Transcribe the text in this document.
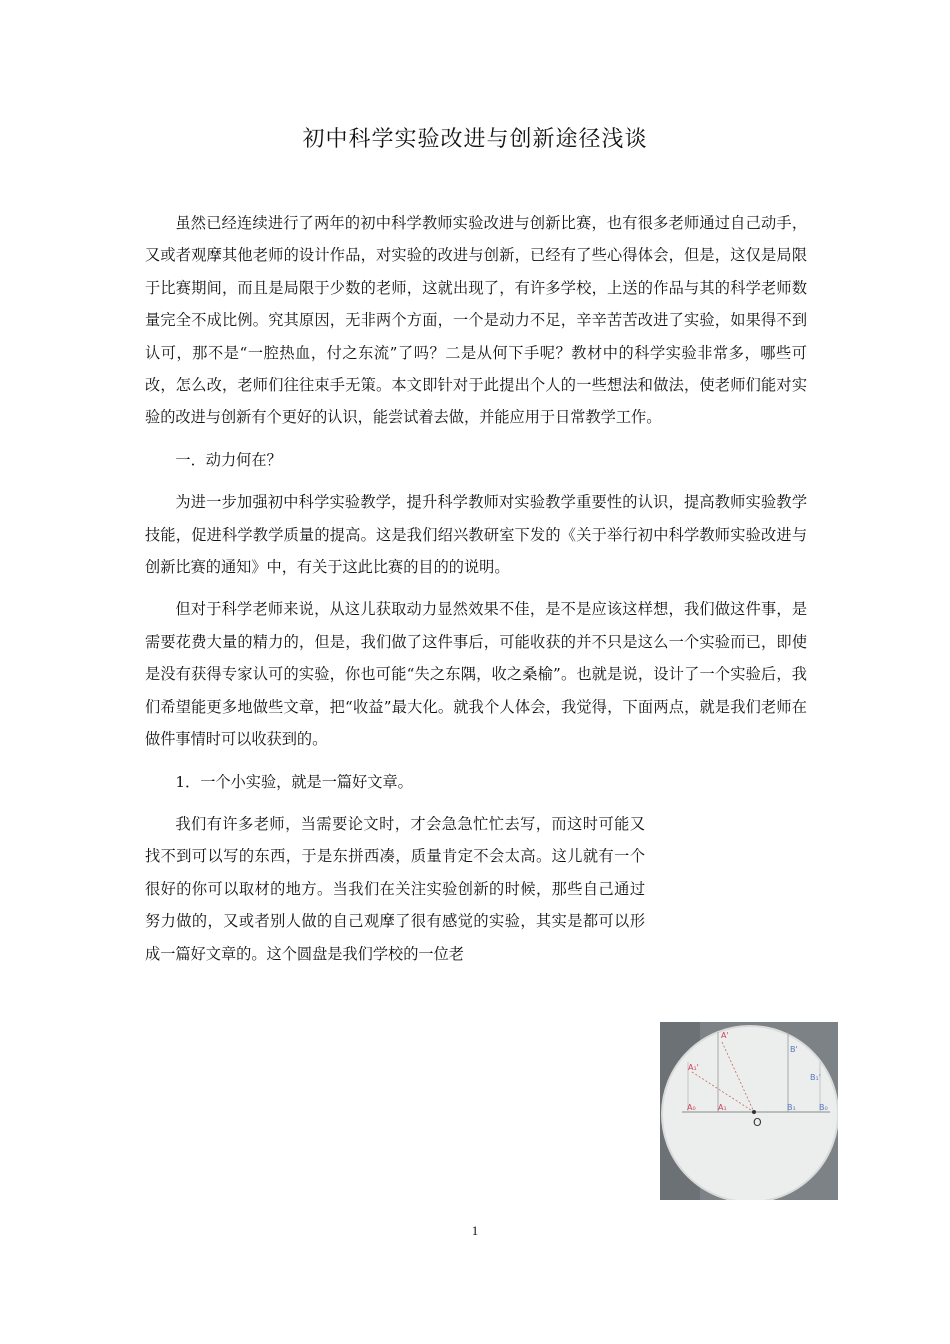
初中科学实验改进与创新途径浅谈

虽然已经连续进行了两年的初中科学教师实验改进与创新比赛，也有很多老师通过自己动手，又或者观摩其他老师的设计作品，对实验的改进与创新，已经有了些心得体会，但是，这仅是局限于比赛期间，而且是局限于少数的老师，这就出现了，有许多学校，上送的作品与其的科学老师数量完全不成比例。究其原因，无非两个方面，一个是动力不足，辛辛苦苦改进了实验，如果得不到认可，那不是“一腔热血，付之东流”了吗？二是从何下手呢？教材中的科学实验非常多，哪些可改，怎么改，老师们往往束手无策。本文即针对于此提出个人的一些想法和做法，使老师们能对实验的改进与创新有个更好的认识，能尝试着去做，并能应用于日常教学工作。

一．动力何在？

为进一步加强初中科学实验教学，提升科学教师对实验教学重要性的认识，提高教师实验教学技能，促进科学教学质量的提高。这是我们绍兴教研室下发的《关于举行初中科学教师实验改进与创新比赛的通知》中，有关于这此比赛的目的的说明。

但对于科学老师来说，从这儿获取动力显然效果不佳，是不是应该这样想，我们做这件事，是需要花费大量的精力的，但是，我们做了这件事后，可能收获的并不只是这么一个实验而已，即使是没有获得专家认可的实验，你也可能“失之东隅，收之桑榆”。也就是说，设计了一个实验后，我们希望能更多地做些文章，把“收益”最大化。就我个人体会，我觉得，下面两点，就是我们老师在做件事情时可以收获到的。

1．一个小实验，就是一篇好文章。

我们有许多老师，当需要论文时，才会急急忙忙去写，而这时可能又找不到可以写的东西，于是东拼西凑，质量肯定不会太高。这儿就有一个很好的你可以取材的地方。当我们在关注实验创新的时候，那些自己通过努力做的，又或者别人做的自己观摩了很有感觉的实验，其实是都可以形成一篇好文章的。这个圆盘是我们学校的一位老

A'
A₁'
B'
B₁'
A₀	A₁	B₁	B₀
O
1
